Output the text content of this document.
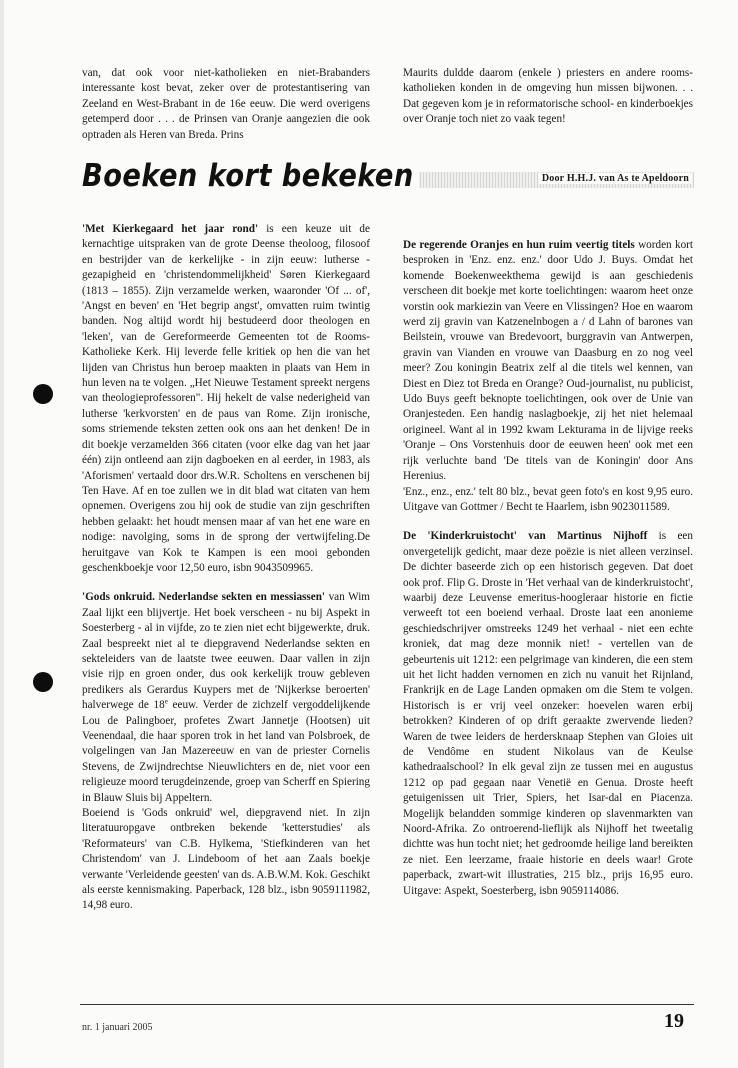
van, dat ook voor niet-katholieken en niet-Brabanders interessante kost bevat, zeker over de protestantisering van Zeeland en West-Brabant in de 16e eeuw. Die werd overigens getemperd door . . . de Prinsen van Oranje aangezien die ook optraden als Heren van Breda. Prins

Maurits duldde daarom (enkele ) priesters en andere rooms-katholieken konden in de omgeving hun missen bijwonen. . . Dat gegeven kom je in reformatorische school- en kinderboekjes over Oranje toch niet zo vaak tegen!

Boeken kort bekeken	Door H.H.J. van As te Apeldoorn

'Met Kierkegaard het jaar rond' is een keuze uit de kernachtige uitspraken van de grote Deense theoloog, filosoof en bestrijder van de kerkelijke - in zijn eeuw: lutherse - gezapigheid en 'christendommelijkheid' Søren Kierkegaard (1813 – 1855). Zijn verzamelde werken, waaronder 'Of ... of', 'Angst en beven' en 'Het begrip angst', omvatten ruim twintig banden. Nog altijd wordt hij bestudeerd door theologen en 'leken', van de Gereformeerde Gemeenten tot de Rooms-Katholieke Kerk. Hij leverde felle kritiek op hen die van het lijden van Christus hun beroep maakten in plaats van Hem in hun leven na te volgen. „Het Nieuwe Testament spreekt nergens van theologieprofessoren". Hij hekelt de valse nederigheid van lutherse 'kerkvorsten' en de paus van Rome. Zijn ironische, soms striemende teksten zetten ook ons aan het denken! De in dit boekje verzamelden 366 citaten (voor elke dag van het jaar één) zijn ontleend aan zijn dagboeken en al eerder, in 1983, als 'Aforismen' vertaald door drs.W.R. Scholtens en verschenen bij Ten Have. Af en toe zullen we in dit blad wat citaten van hem opnemen. Overigens zou hij ook de studie van zijn geschriften hebben gelaakt: het houdt mensen maar af van het ene ware en nodige: navolging, soms in de sprong der vertwijfeling.De heruitgave van Kok te Kampen is een mooi gebonden geschenkboekje voor 12,50 euro, isbn 9043509965.

'Gods onkruid. Nederlandse sekten en messiassen' van Wim Zaal lijkt een blijvertje. Het boek verscheen - nu bij Aspekt in Soesterberg - al in vijfde, zo te zien niet echt bijgewerkte, druk. Zaal bespreekt niet al te diepgravend Nederlandse sekten en sekteleiders van de laatste twee eeuwen. Daar vallen in zijn visie rijp en groen onder, dus ook kerkelijk trouw gebleven predikers als Gerardus Kuypers met de 'Nijkerkse beroerten' halverwege de 18e eeuw. Verder de zichzelf vergoddelijkende Lou de Palingboer, profetes Zwart Jannetje (Hootsen) uit Veenendaal, die haar sporen trok in het land van Polsbroek, de volgelingen van Jan Mazereeuw en van de priester Cornelis Stevens, de Zwijndrechtse Nieuwlichters en de, niet voor een religieuze moord terugdeinzende, groep van Scherff en Spiering in Blauw Sluis bij Appeltern.

Boeiend is 'Gods onkruid' wel, diepgravend niet. In zijn literatuuropgave ontbreken bekende 'ketterstudies' als 'Reformateurs' van C.B. Hylkema, 'Stiefkinderen van het Christendom' van J. Lindeboom of het aan Zaals boekje verwante 'Verleidende geesten' van ds. A.B.W.M. Kok. Geschikt als eerste kennismaking. Paperback, 128 blz., isbn 9059111982, 14,98 euro.

De regerende Oranjes en hun ruim veertig titels worden kort besproken in 'Enz. enz. enz.' door Udo J. Buys. Omdat het komende Boekenweekthema gewijd is aan geschiedenis verscheen dit boekje met korte toelichtingen: waarom heet onze vorstin ook markiezin van Veere en Vlissingen? Hoe en waarom werd zij gravin van Katzenelnbogen a / d Lahn of barones van Beilstein, vrouwe van Bredevoort, burggravin van Antwerpen, gravin van Vianden en vrouwe van Daasburg en zo nog veel meer? Zou koningin Beatrix zelf al die titels wel kennen, van Diest en Diez tot Breda en Orange? Oud-journalist, nu publicist, Udo Buys geeft beknopte toelichtingen, ook over de Unie van Oranjesteden. Een handig naslagboekje, zij het niet helemaal origineel. Want al in 1992 kwam Lekturama in de lijvige reeks 'Oranje – Ons Vorstenhuis door de eeuwen heen' ook met een rijk verluchte band 'De titels van de Koningin' door Ans Herenius.

'Enz., enz., enz.' telt 80 blz., bevat geen foto's en kost 9,95 euro. Uitgave van Gottmer / Becht te Haarlem, isbn 9023011589.

De 'Kinderkruistocht' van Martinus Nijhoff is een onvergetelijk gedicht, maar deze poëzie is niet alleen verzinsel. De dichter baseerde zich op een historisch gegeven. Dat doet ook prof. Flip G. Droste in 'Het verhaal van de kinderkruistocht', waarbij deze Leuvense emeritus-hoogleraar historie en fictie verweeft tot een boeiend verhaal. Droste laat een anonieme geschiedschrijver omstreeks 1249 het verhaal - niet een echte kroniek, dat mag deze monnik niet! - vertellen van de gebeurtenis uit 1212: een pelgrimage van kinderen, die een stem uit het licht hadden vernomen en zich nu vanuit het Rijnland, Frankrijk en de Lage Landen opmaken om die Stem te volgen. Historisch is er vrij veel onzeker: hoevelen waren erbij betrokken? Kinderen of op drift geraakte zwervende lieden? Waren de twee leiders de herdersknaap Stephen van Gloies uit de Vendôme en student Nikolaus van de Keulse kathedraalschool? In elk geval zijn ze tussen mei en augustus 1212 op pad gegaan naar Venetië en Genua. Droste heeft getuigenissen uit Trier, Spiers, het Isar-dal en Piacenza. Mogelijk belandden sommige kinderen op slavenmarkten van Noord-Afrika. Zo ontroerend-lieflijk als Nijhoff het tweetalig dichtte was hun tocht niet; het gedroomde heilige land bereikten ze niet. Een leerzame, fraaie historie en deels waar! Grote paperback, zwart-wit illustraties, 215 blz., prijs 16,95 euro. Uitgave: Aspekt, Soesterberg, isbn 9059114086.

nr. 1 januari 2005	19
